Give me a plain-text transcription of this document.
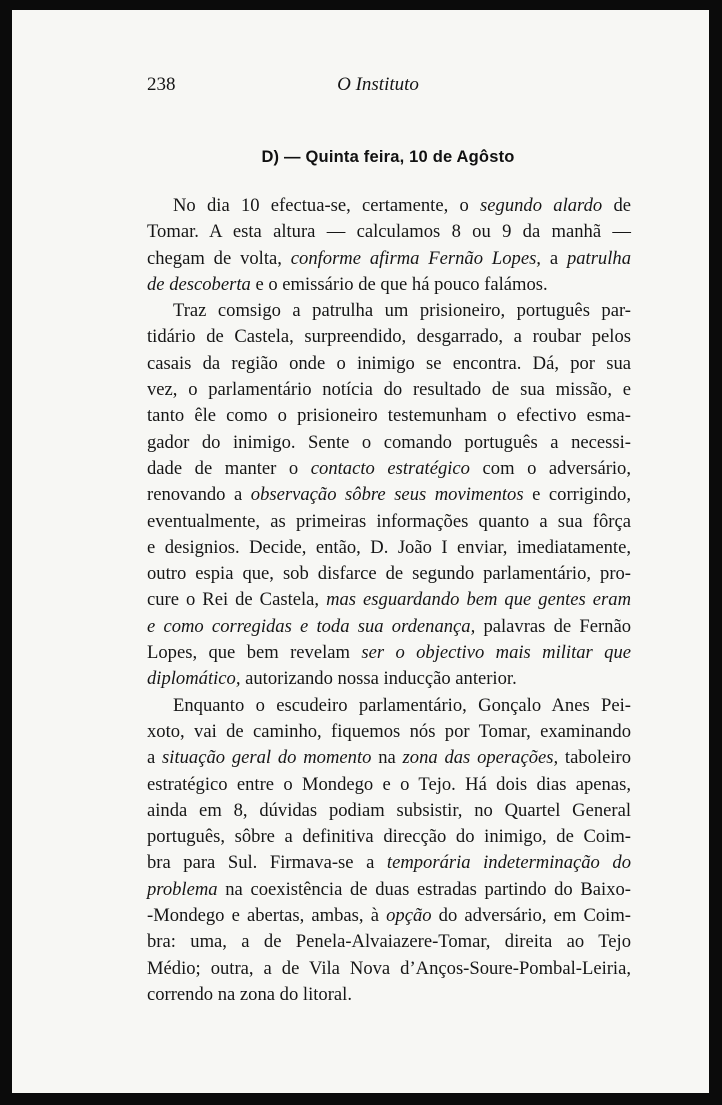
238	O Instituto
D) — Quinta feira, 10 de Agôsto
No dia 10 efectua-se, certamente, o segundo alardo de
Tomar. A esta altura — calculamos 8 ou 9 da manhã —
chegam de volta, conforme afirma Fernão Lopes, a patrulha
de descoberta e o emissário de que há pouco falámos.
Traz comsigo a patrulha um prisioneiro, português par-
tidário de Castela, surpreendido, desgarrado, a roubar pelos
casais da região onde o inimigo se encontra. Dá, por sua
vez, o parlamentário notícia do resultado de sua missão, e
tanto êle como o prisioneiro testemunham o efectivo esma-
gador do inimigo. Sente o comando português a necessi-
dade de manter o contacto estratégico com o adversário,
renovando a observação sôbre seus movimentos e corrigindo,
eventualmente, as primeiras informações quanto a sua fôrça
e designios. Decide, então, D. João I enviar, imediatamente,
outro espia que, sob disfarce de segundo parlamentário, pro-
cure o Rei de Castela, mas esguardando bem que gentes eram
e como corregidas e toda sua ordenança, palavras de Fernão
Lopes, que bem revelam ser o objectivo mais militar que
diplomático, autorizando nossa inducção anterior.
Enquanto o escudeiro parlamentário, Gonçalo Anes Pei-
xoto, vai de caminho, fiquemos nós por Tomar, examinando
a situação geral do momento na zona das operações, taboleiro
estratégico entre o Mondego e o Tejo. Há dois dias apenas,
ainda em 8, dúvidas podiam subsistir, no Quartel General
português, sôbre a definitiva direcção do inimigo, de Coim-
bra para Sul. Firmava-se a temporária indeterminação do
problema na coexistência de duas estradas partindo do Baixo-
-Mondego e abertas, ambas, à opção do adversário, em Coim-
bra: uma, a de Penela-Alvaiazere-Tomar, direita ao Tejo
Médio; outra, a de Vila Nova d’Anços-Soure-Pombal-Leiria,
correndo na zona do litoral.
